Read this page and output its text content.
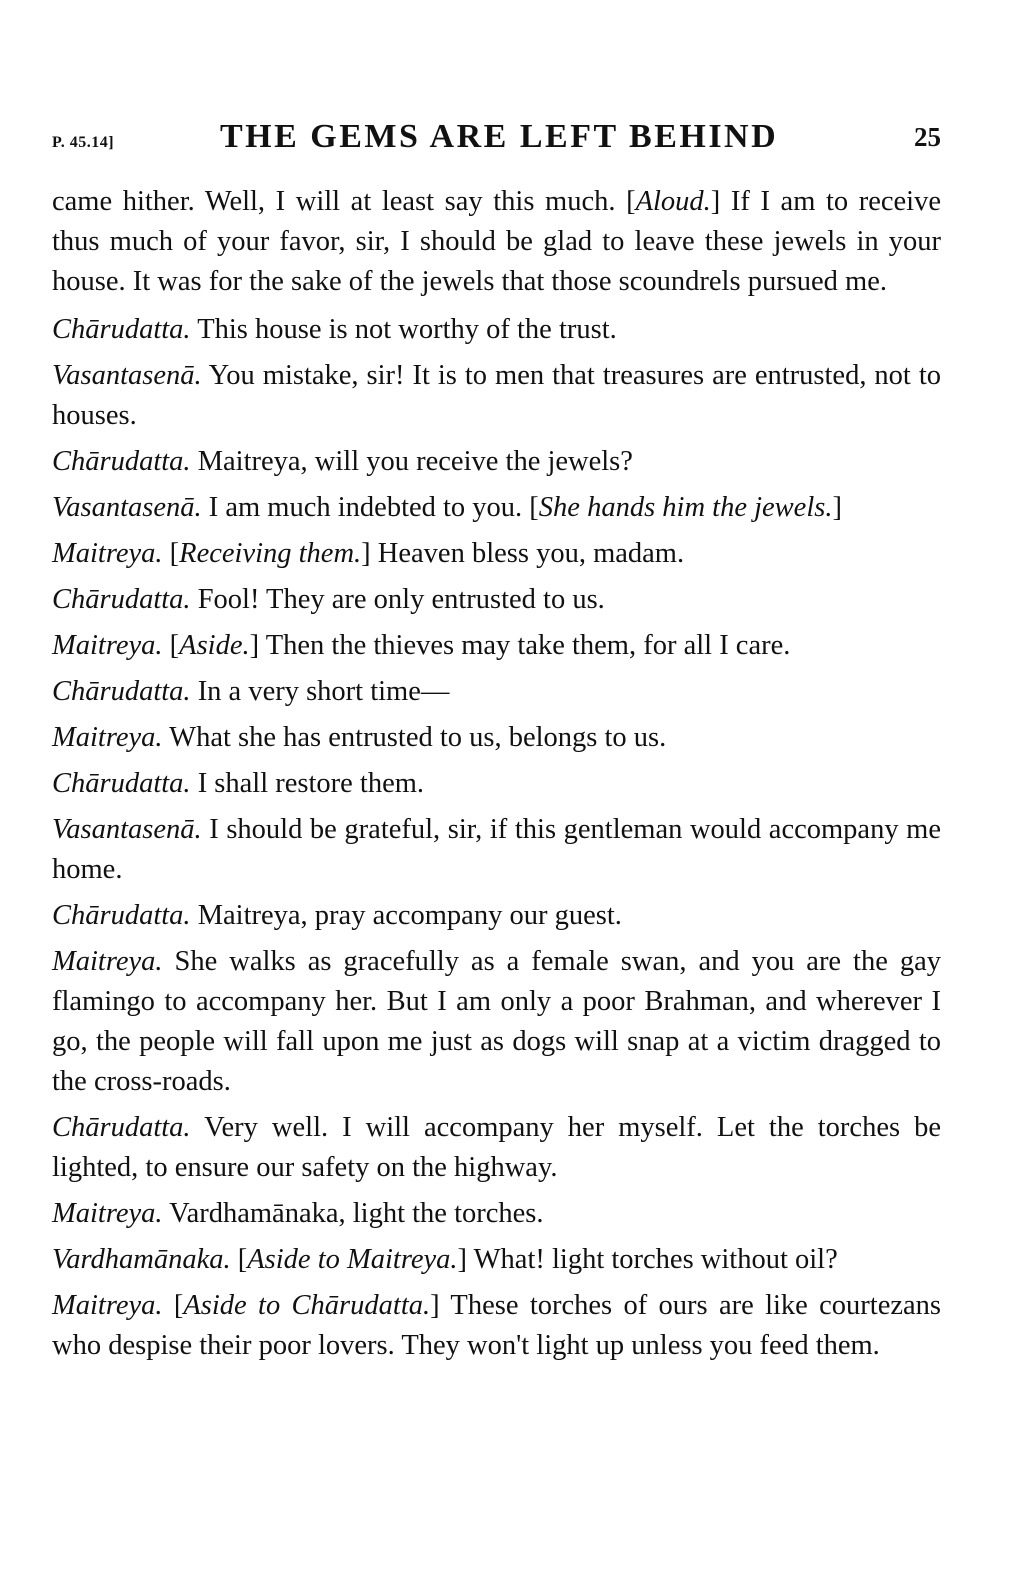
P. 45.14]	THE GEMS ARE LEFT BEHIND	25

came hither. Well, I will at least say this much. [Aloud.] If I am to receive thus much of your favor, sir, I should be glad to leave these jewels in your house. It was for the sake of the jewels that those scoundrels pursued me.

Chārudatta. This house is not worthy of the trust.

Vasantasenā. You mistake, sir! It is to men that treasures are entrusted, not to houses.

Chārudatta. Maitreya, will you receive the jewels?

Vasantasenā. I am much indebted to you. [She hands him the jewels.]

Maitreya. [Receiving them.] Heaven bless you, madam.

Chārudatta. Fool! They are only entrusted to us.

Maitreya. [Aside.] Then the thieves may take them, for all I care.

Chārudatta. In a very short time—

Maitreya. What she has entrusted to us, belongs to us.

Chārudatta. I shall restore them.

Vasantasenā. I should be grateful, sir, if this gentleman would accompany me home.

Chārudatta. Maitreya, pray accompany our guest.

Maitreya. She walks as gracefully as a female swan, and you are the gay flamingo to accompany her. But I am only a poor Brahman, and wherever I go, the people will fall upon me just as dogs will snap at a victim dragged to the cross-roads.

Chārudatta. Very well. I will accompany her myself. Let the torches be lighted, to ensure our safety on the highway.

Maitreya. Vardhamānaka, light the torches.

Vardhamānaka. [Aside to Maitreya.] What! light torches without oil?

Maitreya. [Aside to Chārudatta.] These torches of ours are like courtezans who despise their poor lovers. They won't light up unless you feed them.
